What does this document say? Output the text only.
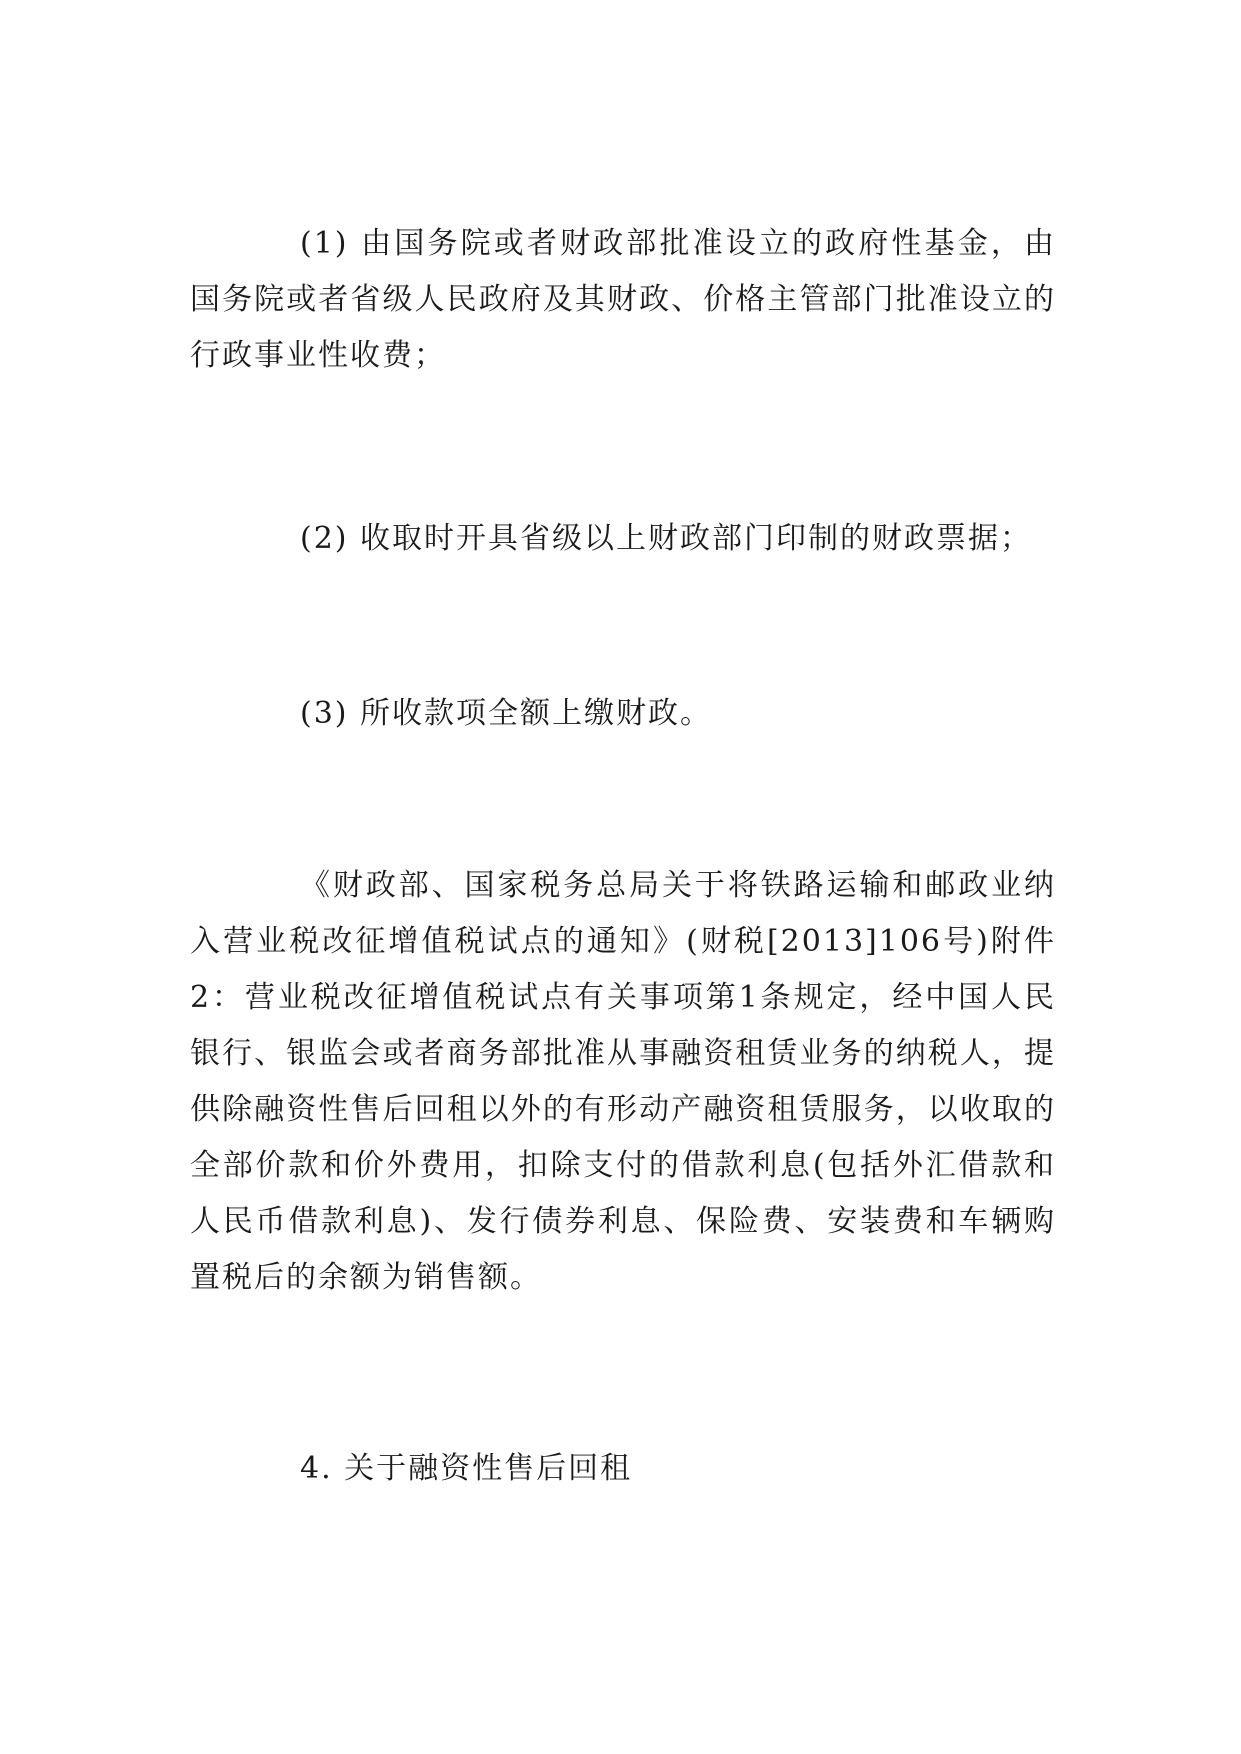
(1) 由国务院或者财政部批准设立的政府性基金，由国务院或者省级人民政府及其财政、价格主管部门批准设立的行政事业性收费；

(2) 收取时开具省级以上财政部门印制的财政票据；

(3) 所收款项全额上缴财政。

《财政部、国家税务总局关于将铁路运输和邮政业纳入营业税改征增值税试点的通知》(财税[2013]106号)附件2：营业税改征增值税试点有关事项第1条规定，经中国人民银行、银监会或者商务部批准从事融资租赁业务的纳税人，提供除融资性售后回租以外的有形动产融资租赁服务，以收取的全部价款和价外费用，扣除支付的借款利息(包括外汇借款和人民币借款利息)、发行债券利息、保险费、安装费和车辆购置税后的余额为销售额。

4. 关于融资性售后回租
